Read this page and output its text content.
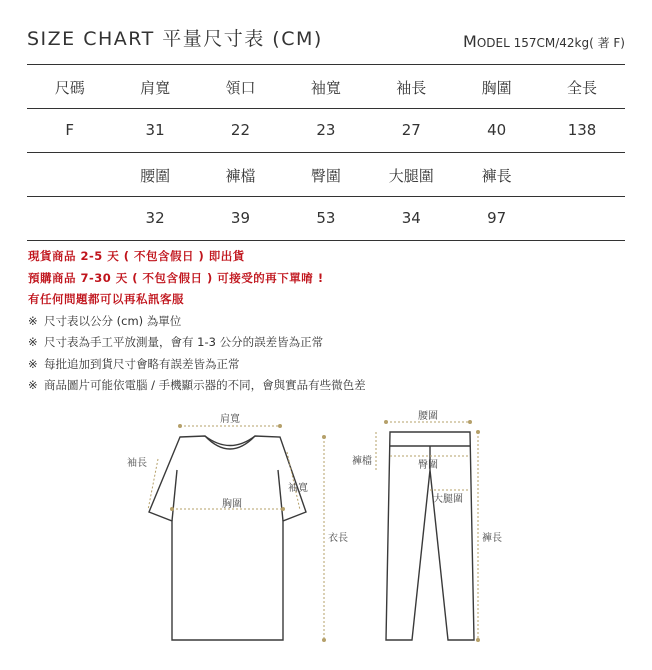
SIZE CHART 平量尺寸表 (CM)	MODEL 157CM/42kg( 著 F)
尺碼	肩寬	領口	袖寬	袖長	胸圍	全長
F	31	22	23	27	40	138
腰圍	褲檔	臀圍	大腿圍	褲長
32	39	53	34	97
現貨商品 2-5 天 ( 不包含假日 ) 即出貨
預購商品 7-30 天 ( 不包含假日 ) 可接受的再下單唷 !
有任何問題都可以再私訊客服
※ 尺寸表以公分 (cm) 為單位
※ 尺寸表為手工平放測量，會有 1-3 公分的誤差皆為正常
※ 每批追加到貨尺寸會略有誤差皆為正常
※ 商品圖片可能依電腦 / 手機顯示器的不同，會與實品有些微色差
肩寬
袖長
袖寬
胸圍
衣長
腰圍
褲檔	臀圍
大腿圍
褲長
